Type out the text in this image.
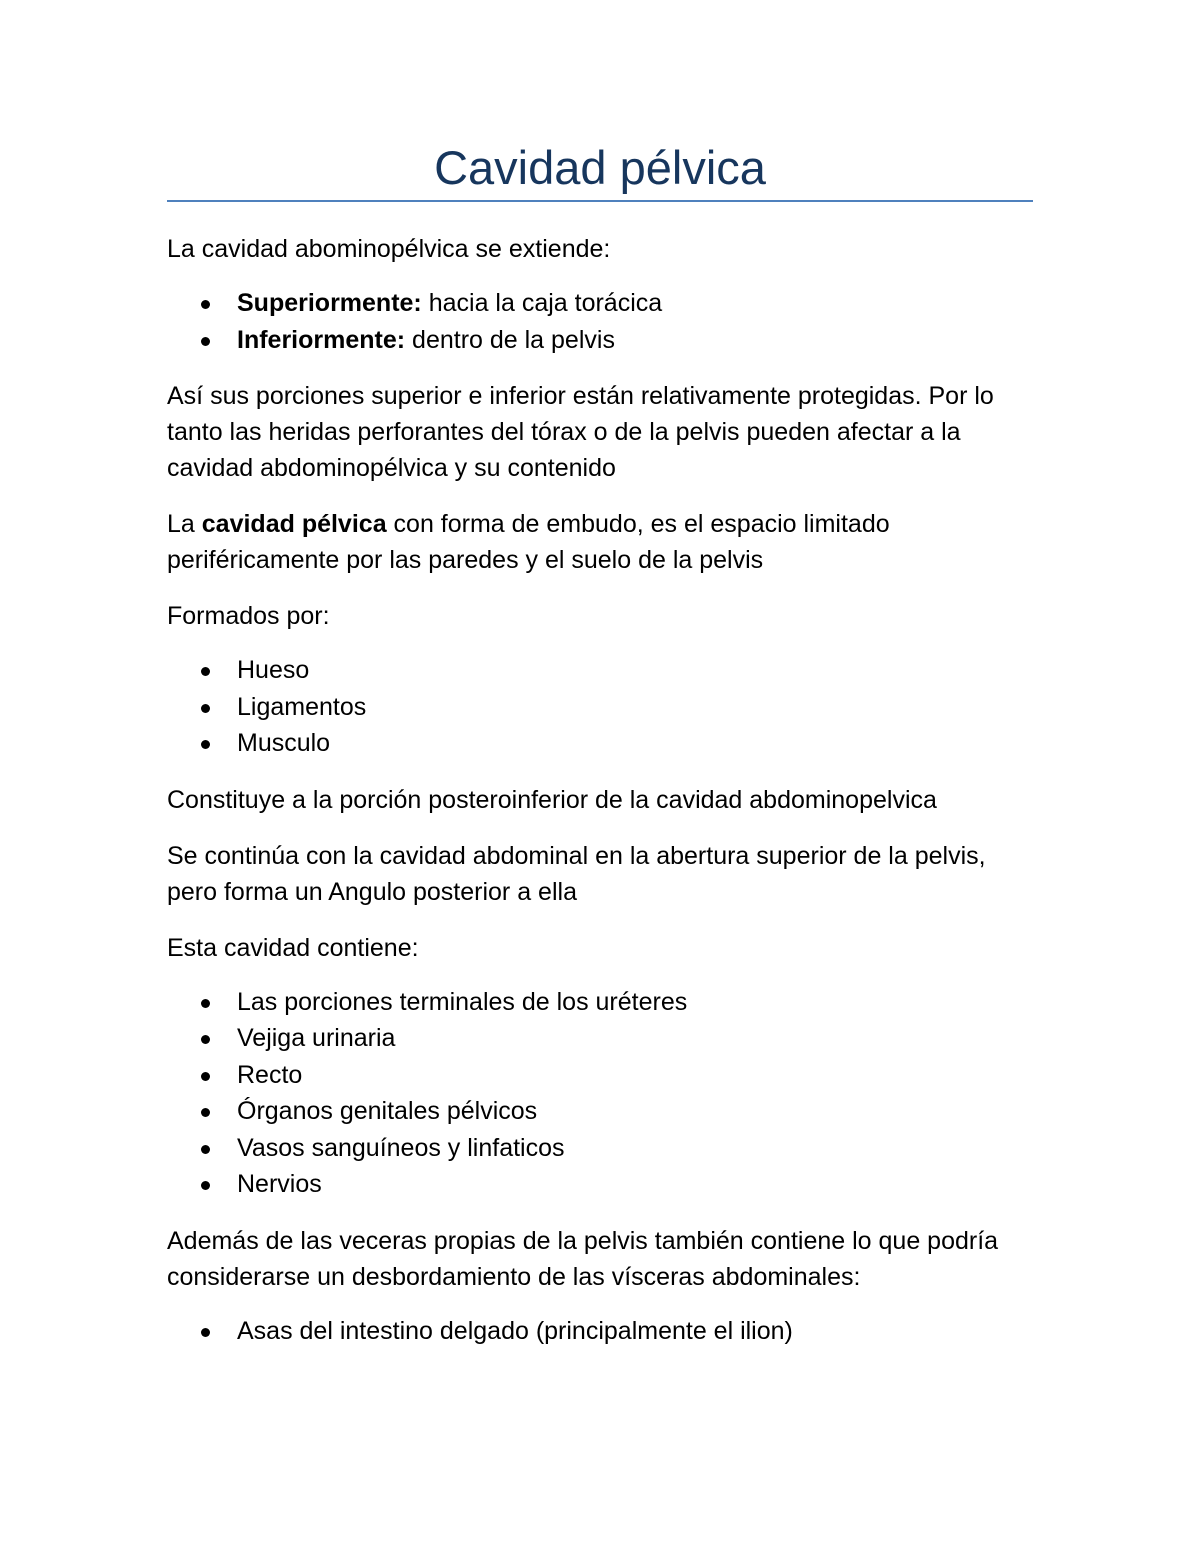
Cavidad pélvica

La cavidad abominopélvica se extiende:

Superiormente: hacia la caja torácica
Inferiormente: dentro de la pelvis

Así sus porciones superior e inferior están relativamente protegidas. Por lo tanto las heridas perforantes del tórax o de la pelvis pueden afectar a la cavidad abdominopélvica y su contenido

La cavidad pélvica con forma de embudo, es el espacio limitado periféricamente por las paredes y el suelo de la pelvis

Formados por:

Hueso
Ligamentos
Musculo

Constituye a la porción posteroinferior de la cavidad abdominopelvica

Se continúa con la cavidad abdominal en la abertura superior de la pelvis, pero forma un Angulo posterior a ella

Esta cavidad contiene:

Las porciones terminales de los uréteres
Vejiga urinaria
Recto
Órganos genitales pélvicos
Vasos sanguíneos y linfaticos
Nervios

Además de las veceras propias de la pelvis también contiene lo que podría considerarse un desbordamiento de las vísceras abdominales:

Asas del intestino delgado (principalmente el ilion)
